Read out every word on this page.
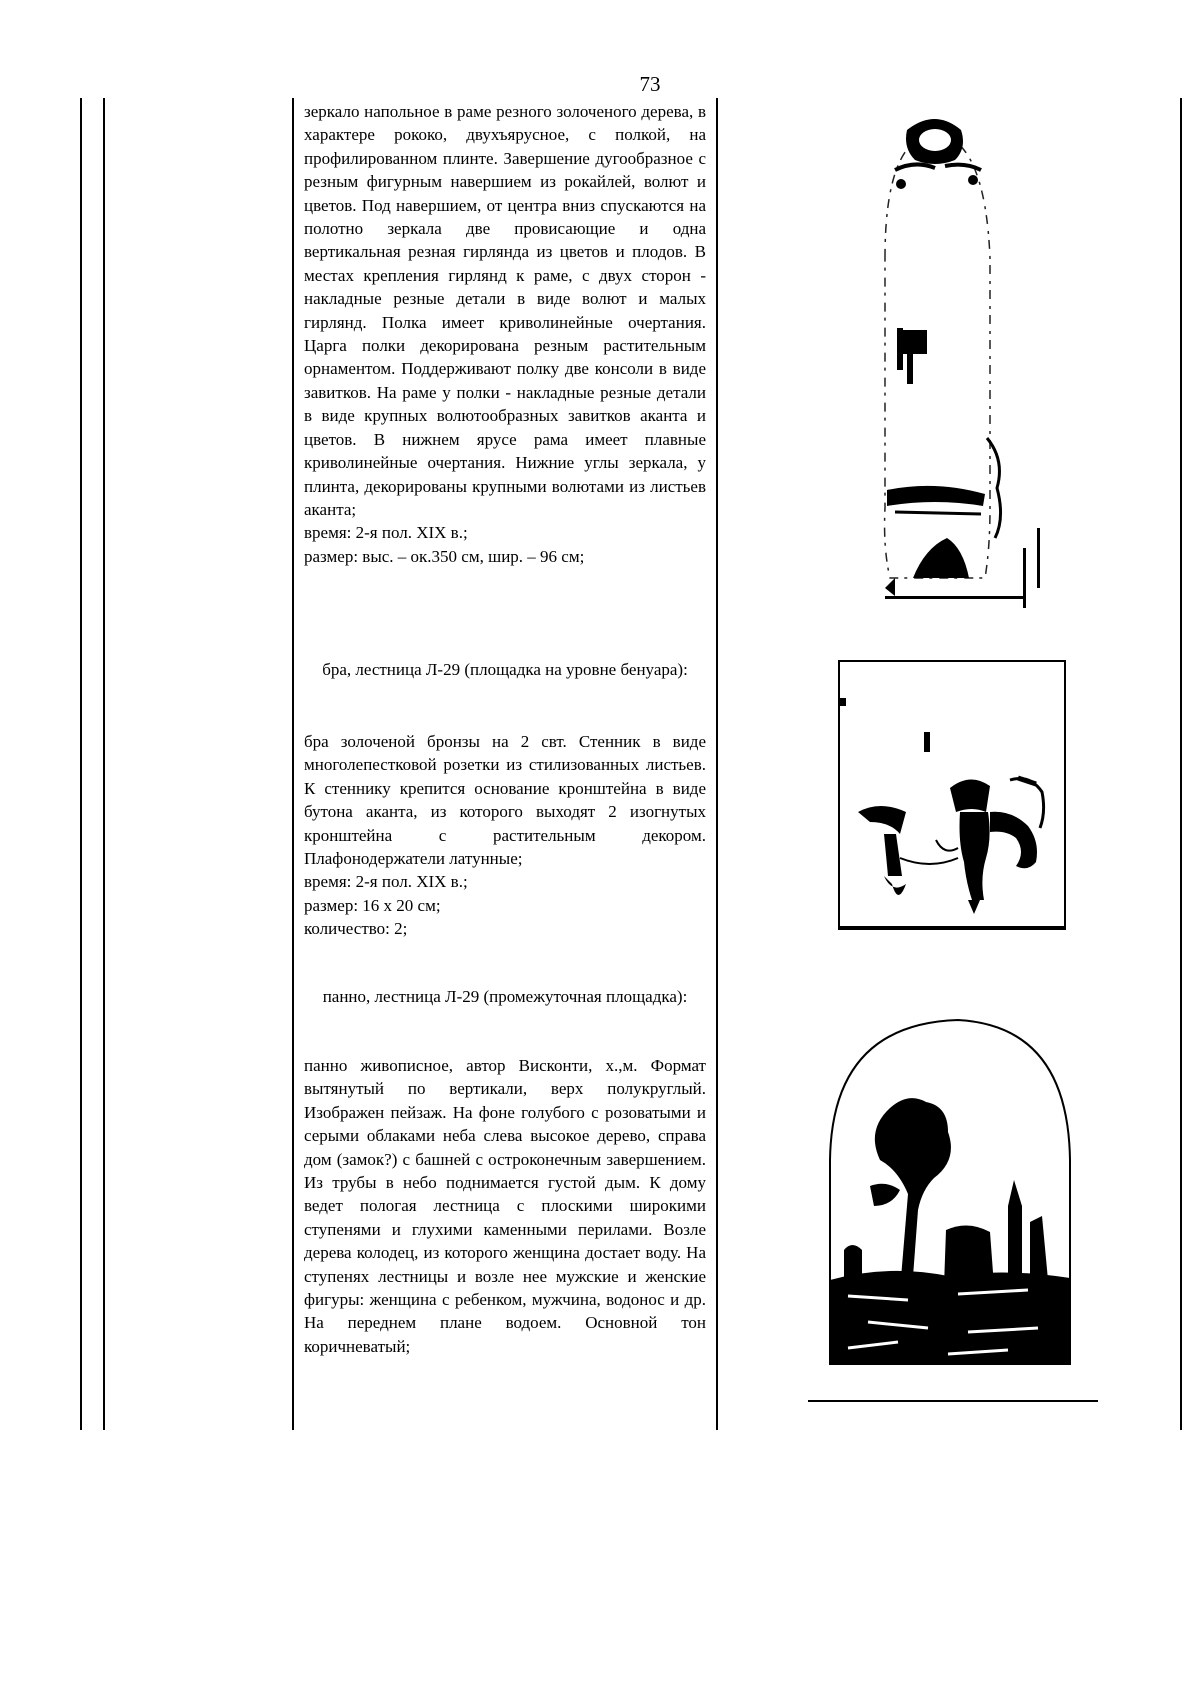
73

зеркало напольное в раме резного золоченого дерева, в характере рококо, двухъярусное, с полкой, на профилированном плинте. Завершение дугообразное с резным фигурным навершием из рокайлей, волют и цветов. Под навершием, от центра вниз спускаются на полотно зеркала две провисающие и одна вертикальная резная гирлянда из цветов и плодов. В местах крепления гирлянд к раме, с двух сторон - накладные резные детали в виде волют и малых гирлянд. Полка имеет криволинейные очертания. Царга полки декорирована резным растительным орнаментом. Поддерживают полку две консоли в виде завитков. На раме у полки - накладные резные детали в виде крупных волютообразных завитков аканта и цветов. В нижнем ярусе рама имеет плавные криволинейные очертания. Нижние углы зеркала, у плинта, декорированы крупными волютами из листьев аканта;

время: 2-я пол. XIX в.;

размер: выс. – ок.350 см, шир. – 96 см;

бра, лестница Л-29 (площадка на уровне бенуара):

бра золоченой бронзы на 2 свт. Стенник в виде многолепестковой розетки из стилизованных листьев. К стеннику крепится основание кронштейна в виде бутона аканта, из которого выходят 2 изогнутых кронштейна с растительным декором. Плафонодержатели латунные;

время: 2-я пол. XIX в.;

размер: 16 х 20 см;

количество: 2;

панно, лестница Л-29 (промежуточная площадка):

панно живописное, автор Висконти, х.,м. Формат вытянутый по вертикали, верх полукруглый. Изображен пейзаж. На фоне голубого с розоватыми и серыми облаками неба слева высокое дерево, справа дом (замок?) с башней с остроконечным завершением. Из трубы в небо поднимается густой дым. К дому ведет пологая лестница с плоскими широкими ступенями и глухими каменными перилами. Возле дерева колодец, из которого женщина достает воду. На ступенях лестницы и возле нее мужские и женские фигуры: женщина с ребенком, мужчина, водонос и др. На переднем плане водоем. Основной тон коричневатый;
